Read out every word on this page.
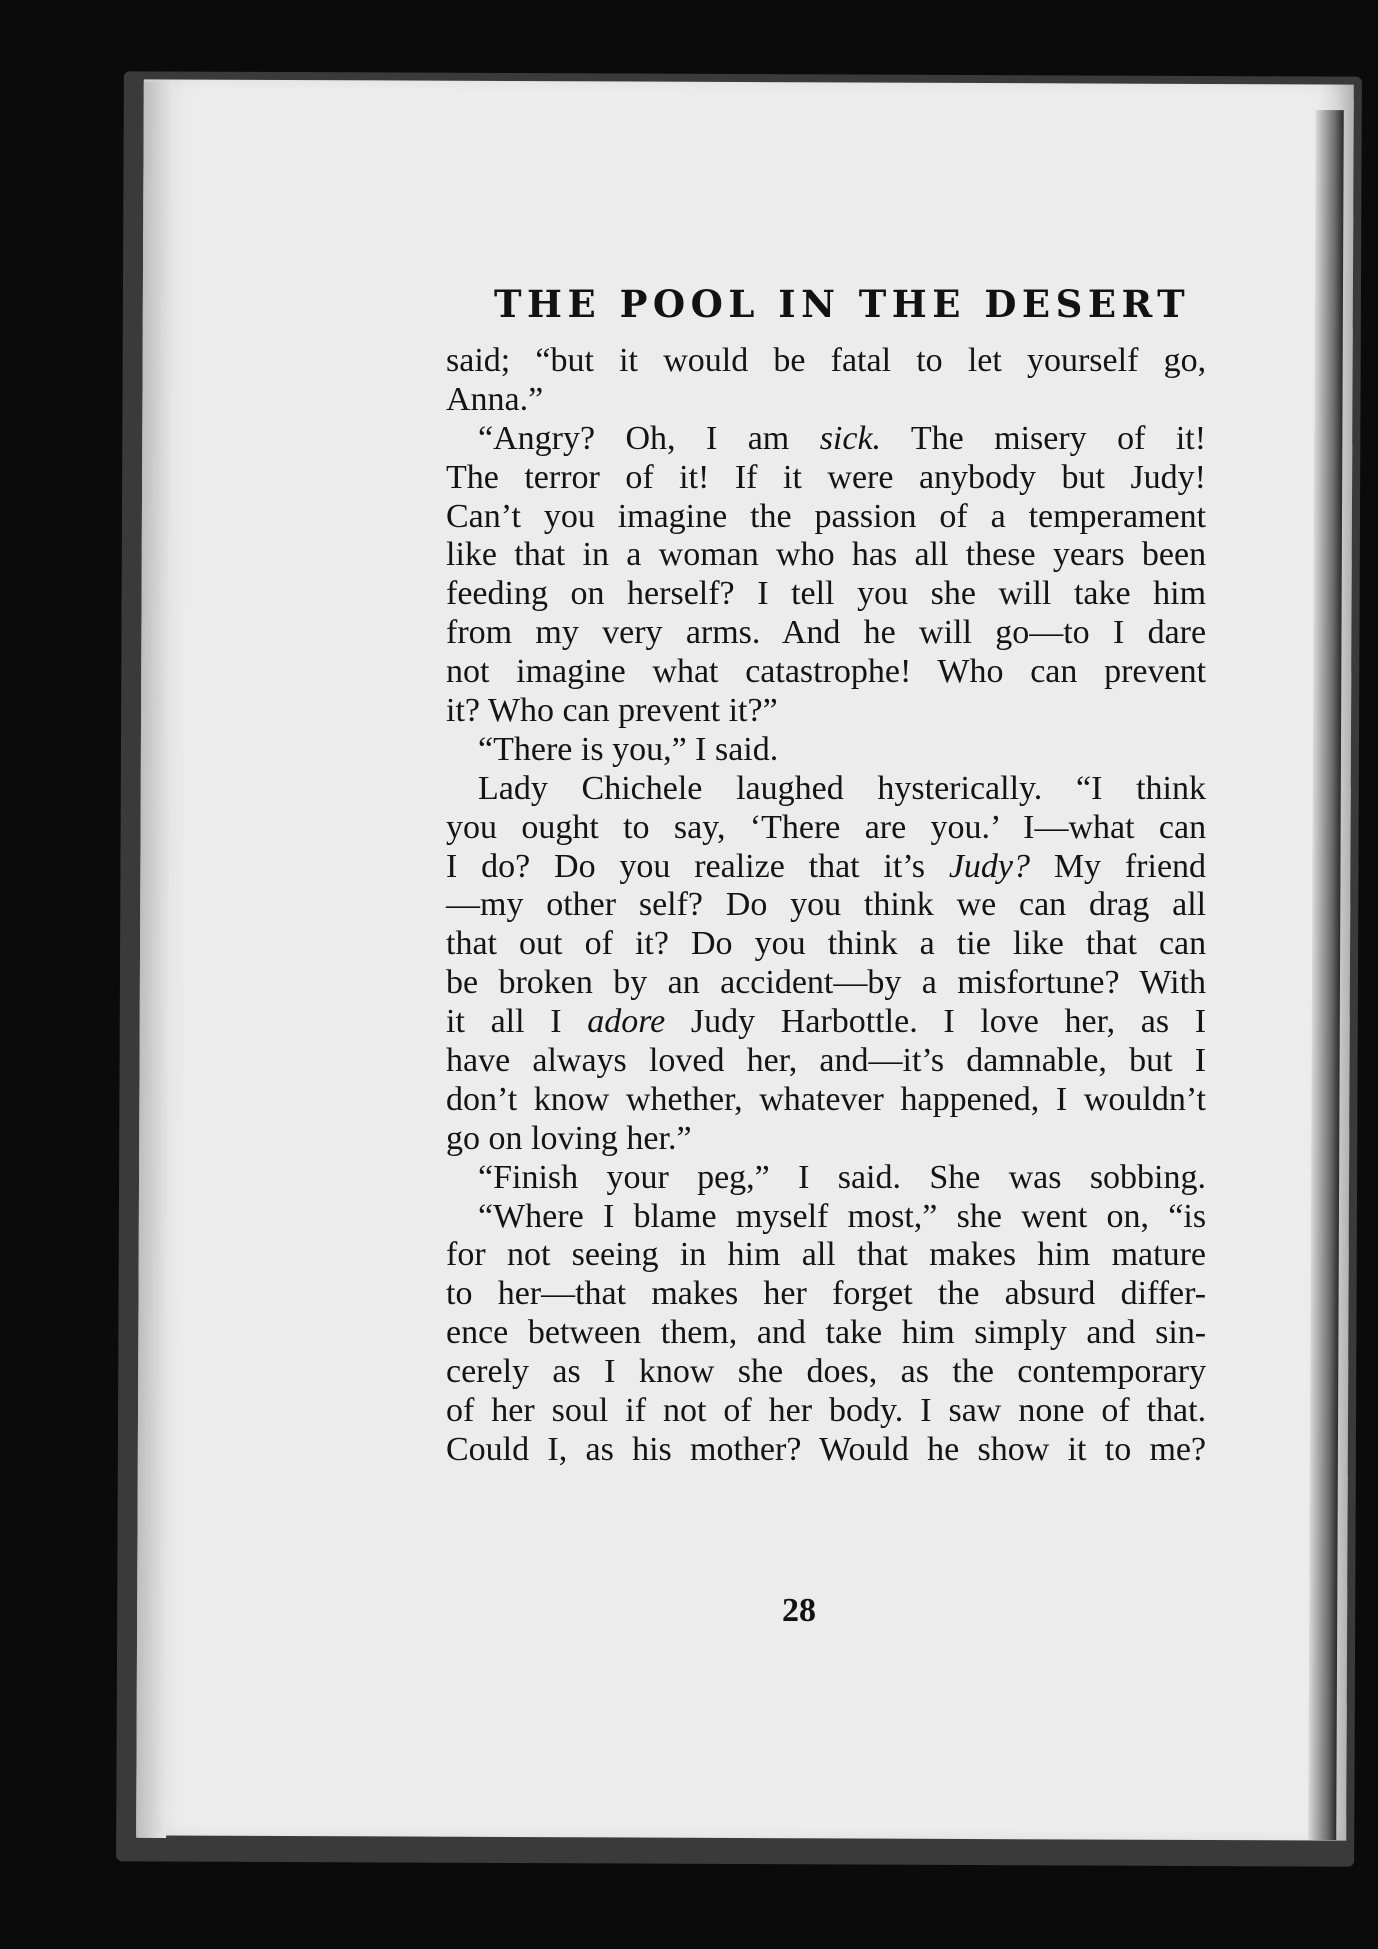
THE POOL IN THE DESERT
said; “but it would be fatal to let yourself go,
Anna.”
“Angry? Oh, I am sick. The misery of it!
The terror of it! If it were anybody but Judy!
Can’t you imagine the passion of a temperament
like that in a woman who has all these years been
feeding on herself? I tell you she will take him
from my very arms. And he will go—to I dare
not imagine what catastrophe! Who can prevent
it? Who can prevent it?”
“There is you,” I said.
Lady Chichele laughed hysterically. “I think
you ought to say, ‘There are you.’ I—what can
I do? Do you realize that it’s Judy? My friend
—my other self? Do you think we can drag all
that out of it? Do you think a tie like that can
be broken by an accident—by a misfortune? With
it all I adore Judy Harbottle. I love her, as I
have always loved her, and—it’s damnable, but I
don’t know whether, whatever happened, I wouldn’t
go on loving her.”
“Finish your peg,” I said. She was sobbing.
“Where I blame myself most,” she went on, “is
for not seeing in him all that makes him mature
to her—that makes her forget the absurd differ-
ence between them, and take him simply and sin-
cerely as I know she does, as the contemporary
of her soul if not of her body. I saw none of that.
Could I, as his mother? Would he show it to me?
28
